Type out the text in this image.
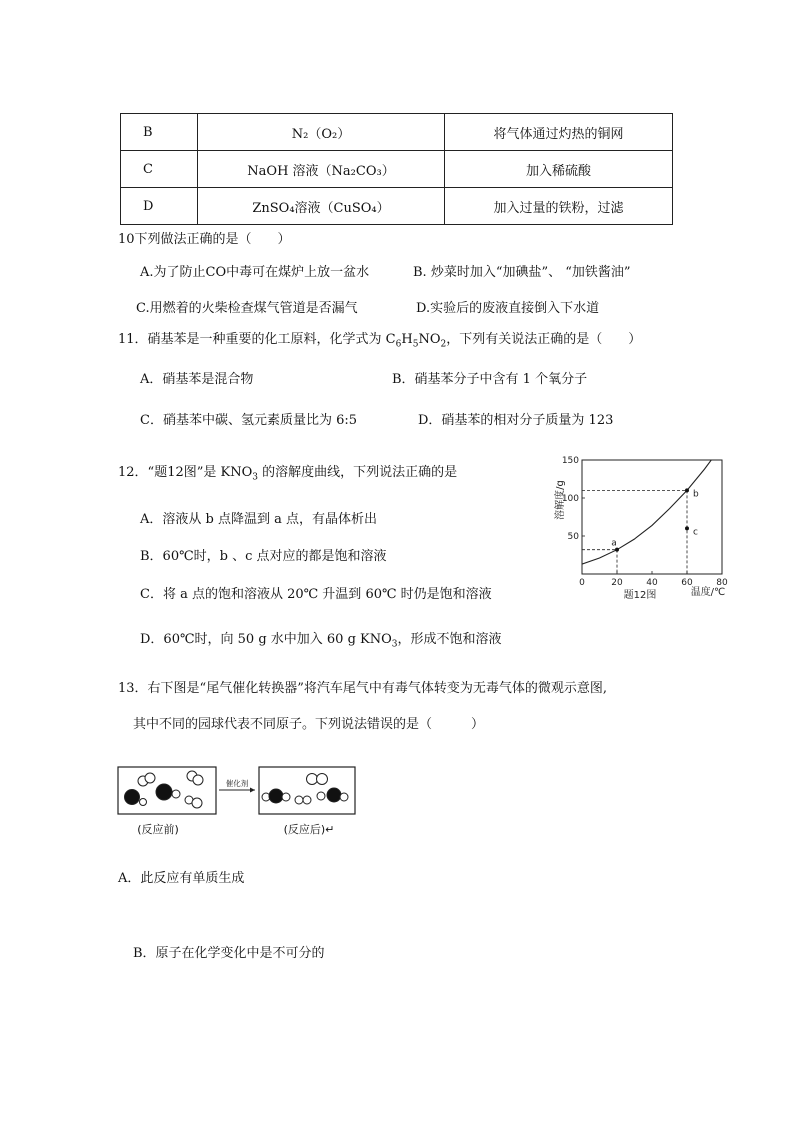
B	N₂（O₂）	将气体通过灼热的铜网
C	NaOH 溶液（Na₂CO₃）	加入稀硫酸
D	ZnSO₄溶液（CuSO₄）	加入过量的铁粉，过滤
10下列做法正确的是（　　）
A.为了防止CO中毒可在煤炉上放一盆水	B. 炒菜时加入“加碘盐”、 “加铁酱油”
C.用燃着的火柴检查煤气管道是否漏气	D.实验后的废液直接倒入下水道
11．硝基苯是一种重要的化工原料，化学式为 $C_6H_5NO_2$，下列有关说法正确的是（　　）
A．硝基苯是混合物	B．硝基苯分子中含有 1 个氧分子
C．硝基苯中碳、氢元素质量比为 6:5	D．硝基苯的相对分子质量为 123
12．“题12图”是 $KNO_3$ 的溶解度曲线，下列说法正确的是
A．溶液从 b 点降温到 a 点，有晶体析出
B．60℃时，b 、c 点对应的都是饱和溶液
C．将 a 点的饱和溶液从 20℃ 升温到 60℃ 时仍是饱和溶液
D．60℃时，向 50 g 水中加入 60 g $KNO_3$，形成不饱和溶液
溶解度/g
题12图	温度/℃
0	20	40	60	80
50
100
150
a
b
c
13．右下图是“尾气催化转换器”将汽车尾气中有毒气体转变为无毒气体的微观示意图,
其中不同的园球代表不同原子。下列说法错误的是（　　　）
催化剂
(反应前)	(反应后)↵
A．此反应有单质生成
B．原子在化学变化中是不可分的
